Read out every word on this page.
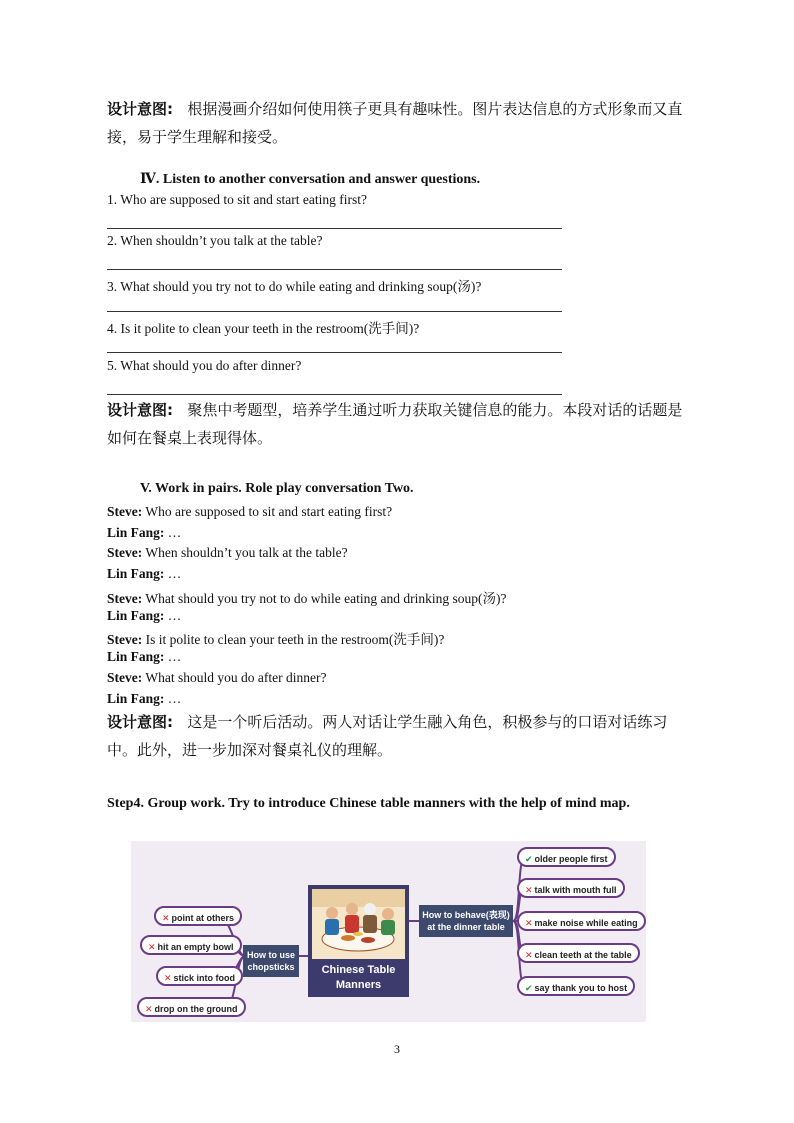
设计意图: 根据漫画介绍如何使用筷子更具有趣味性。图片表达信息的方式形象而又直接，易于学生理解和接受。
Ⅳ. Listen to another conversation and answer questions.
1. Who are supposed to sit and start eating first?
2. When shouldn’t you talk at the table?
3. What should you try not to do while eating and drinking soup(汤)?
4. Is it polite to clean your teeth in the restroom(洗手间)?
5. What should you do after dinner?
设计意图: 聚焦中考题型，培养学生通过听力获取关键信息的能力。本段对话的话题是如何在餐桌上表现得体。
V. Work in pairs. Role play conversation Two.
Steve: Who are supposed to sit and start eating first?
Lin Fang: …
Steve: When shouldn’t you talk at the table?
Lin Fang: …
Steve: What should you try not to do while eating and drinking soup(汤)?
Lin Fang: …
Steve: Is it polite to clean your teeth in the restroom(洗手间)?
Lin Fang: …
Steve: What should you do after dinner?
Lin Fang: …
设计意图: 这是一个听后活动。两人对话让学生融入角色，积极参与的口语对话练习中。此外，进一步加深对餐桌礼仪的理解。
Step4. Group work. Try to introduce Chinese table manners with the help of mind map.
✕ point at others
✕ hit an empty bowl
✕ stick into food
✕ drop on the ground
How to use
chopsticks	Chinese Table
Manners
How to behave(表现)
at the dinner table
✔ older people first
✕ talk with mouth full
✕ make noise while eating
✕ clean teeth at the table
✔ say thank you to host
3
